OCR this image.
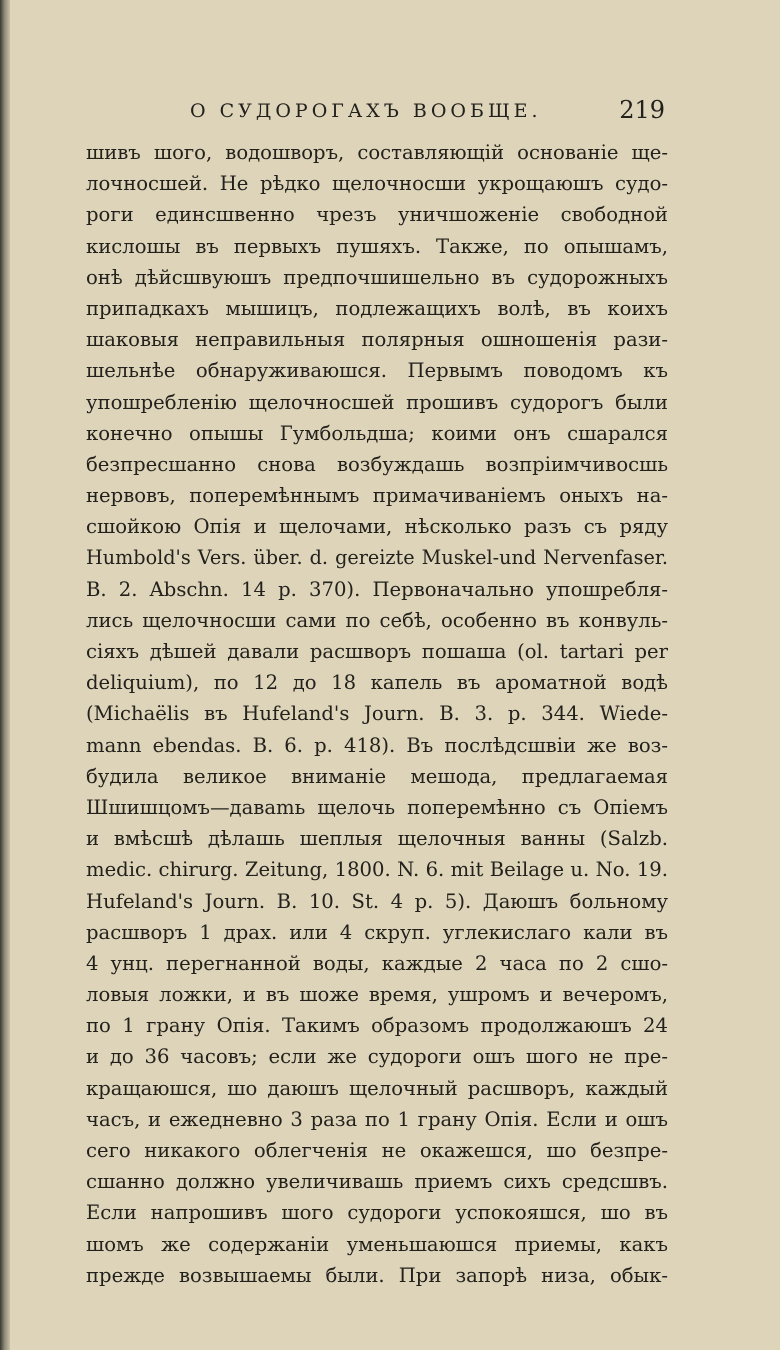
О СУДОРОГАХЪ ВООБЩЕ.	219
шивъ шого, водошворъ, составляющій основаніе ще-
лочносшей. Не рѣдко щелочносши укрощаюшъ судо-
роги единсшвенно чрезъ уничшоженіе свободной
кислошы въ первыхъ пушяхъ. Также, по опышамъ,
онѣ дѣйсшвуюшъ предпочшишельно въ судорожныхъ
припадкахъ мышицъ, подлежащихъ волѣ, въ коихъ
шаковыя неправильныя полярныя ошношенія рази-
шельнѣе обнаруживаюшся. Первымъ поводомъ къ
упошребленію щелочносшей прошивъ судорогъ были
конечно опышы Гумбольдша; коими онъ сшарался
безпресшанно снова возбуждашь возпріимчивосшь
нервовъ, поперемѣннымъ примачиваніемъ оныхъ на-
сшойкою Опія и щелочами, нѣсколько разъ съ ряду
Humbold's Vers. über. d. gereizte Muskel-und Nervenfaser.
B. 2. Abschn. 14 p. 370). Первоначально упошребля-
лись щелочносши сами по себѣ, особенно въ конвуль-
сіяхъ дѣшей давали расшворъ пошаша (ol. tartari per
deliquium), по 12 до 18 капель въ ароматной водѣ
(Michaëlis въ Hufeland's Journ. B. 3. p. 344. Wiede-
mann ebendas. B. 6. p. 418). Въ послѣдсшвіи же воз-
будила великое вниманіе мешода, предлагаемая
Шшишцомъ—даваmь щелочь поперемѣнно съ Опіемъ
и вмѣсшѣ дѣлашь шеплыя щелочныя ванны (Salzb.
medic. chirurg. Zeitung, 1800. N. 6. mit Beilage u. No. 19.
Hufeland's Journ. B. 10. St. 4 p. 5). Даюшъ больному
расшворъ 1 драх. или 4 скруп. углекислаго кали въ
4 унц. перегнанной воды, каждые 2 часа по 2 сшо-
ловыя ложки, и въ шоже время, ушромъ и вечеромъ,
по 1 грану Опія. Такимъ образомъ продолжаюшъ 24
и до 36 часовъ; если же судороги ошъ шого не пре-
кращаюшся, шо даюшъ щелочный расшворъ, каждый
часъ, и ежедневно 3 раза по 1 грану Опія. Если и ошъ
сего никакого облегченія не окажешся, шо безпре-
сшанно должно увеличивашь приемъ сихъ средсшвъ.
Если напрошивъ шого судороги успокояшся, шо въ
шомъ же содержаніи уменьшаюшся приемы, какъ
прежде возвышаемы были. При запорѣ низа, обык-
